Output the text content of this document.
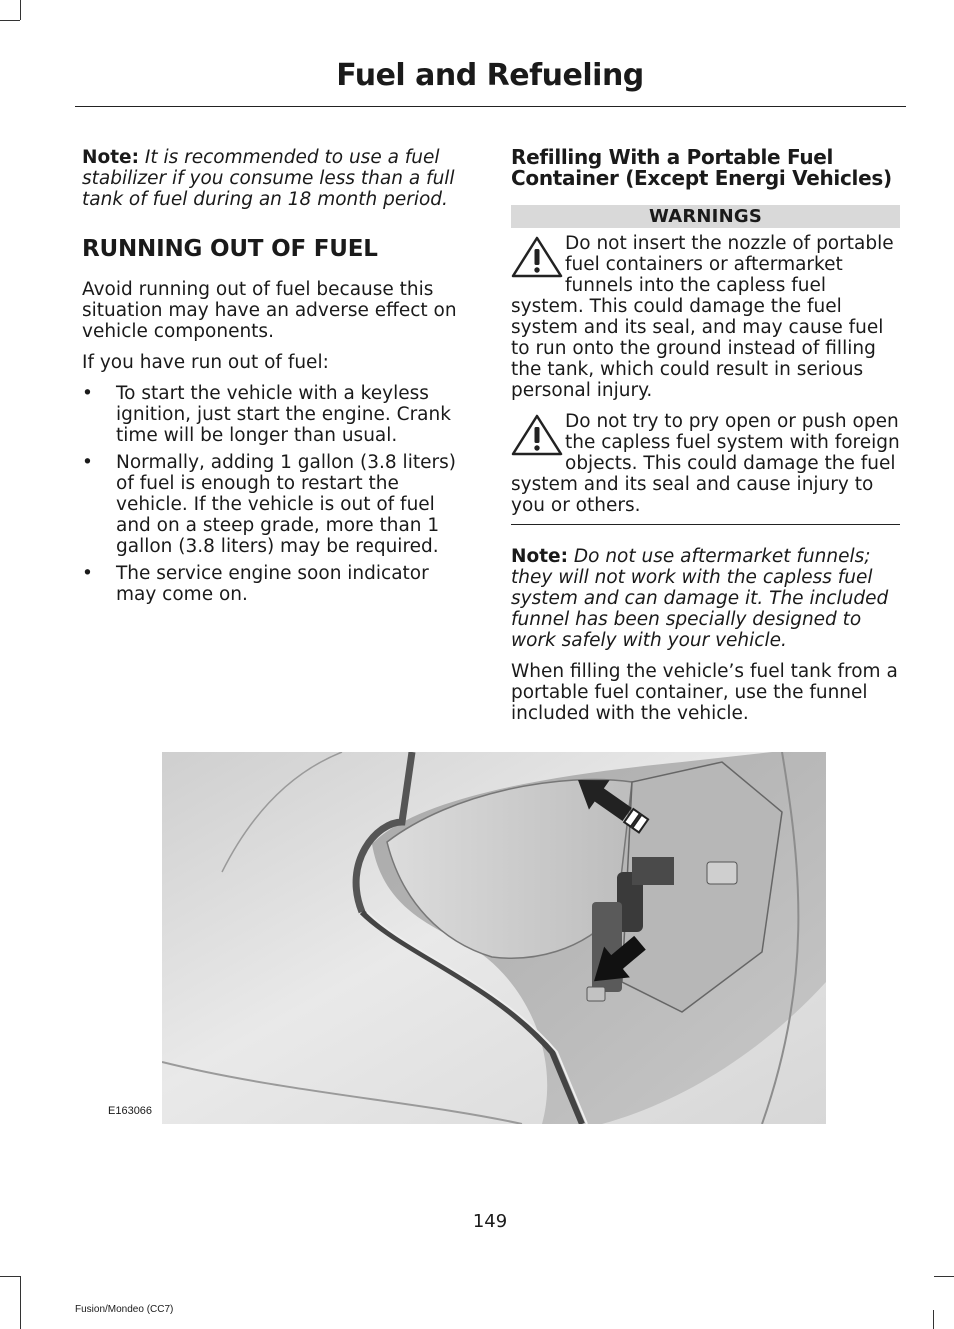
Fuel and Refueling

Note: It is recommended to use a fuel stabilizer if you consume less than a full tank of fuel during an 18 month period.

RUNNING OUT OF FUEL

Avoid running out of fuel because this situation may have an adverse effect on vehicle components.

If you have run out of fuel:

• To start the vehicle with a keyless ignition, just start the engine. Crank time will be longer than usual.
• Normally, adding 1 gallon (3.8 liters) of fuel is enough to restart the vehicle. If the vehicle is out of fuel and on a steep grade, more than 1 gallon (3.8 liters) may be required.
• The service engine soon indicator may come on.

Refilling With a Portable Fuel Container (Except Energi Vehicles)

WARNINGS

Do not insert the nozzle of portable fuel containers or aftermarket funnels into the capless fuel system. This could damage the fuel system and its seal, and may cause fuel to run onto the ground instead of filling the tank, which could result in serious personal injury.

Do not try to pry open or push open the capless fuel system with foreign objects. This could damage the fuel system and its seal and cause injury to you or others.

Note: Do not use aftermarket funnels; they will not work with the capless fuel system and can damage it. The included funnel has been specially designed to work safely with your vehicle.

When filling the vehicle’s fuel tank from a portable fuel container, use the funnel included with the vehicle.

E163066
149
Fusion/Mondeo (CC7)
